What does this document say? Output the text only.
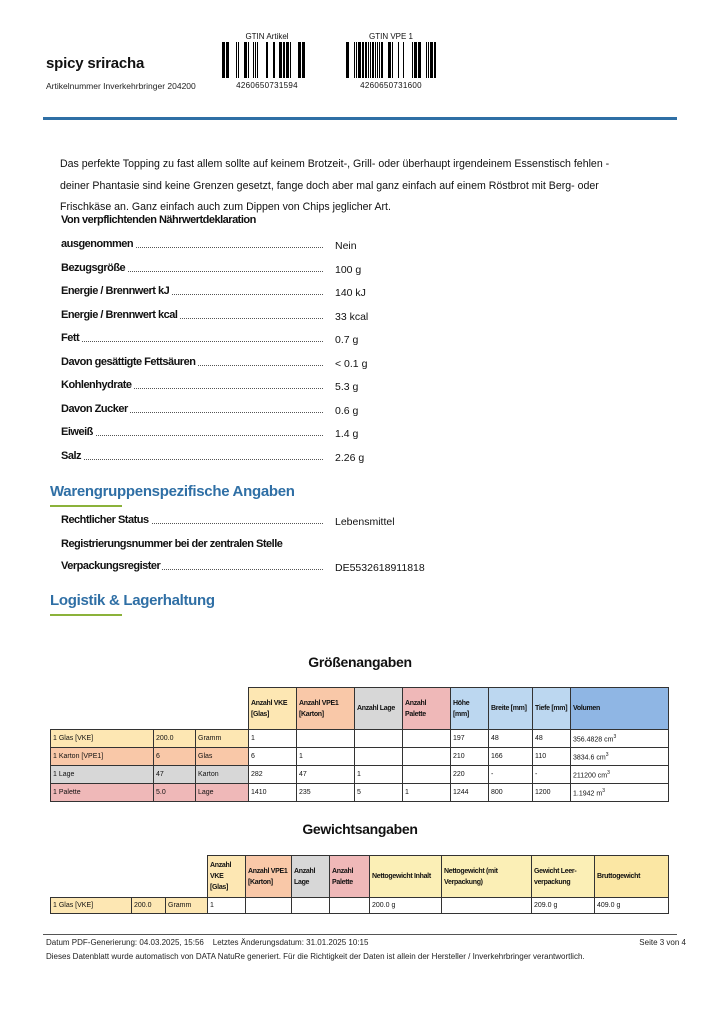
spicy sriracha
Artikelnummer Inverkehrbringer 204200
GTIN Artikel
4260650731594
GTIN VPE 1
4260650731600
Das perfekte Topping zu fast allem sollte auf keinem Brotzeit-, Grill- oder überhaupt irgendeinem Essenstisch fehlen - deiner Phantasie sind keine Grenzen gesetzt, fange doch aber mal ganz einfach auf einem Röstbrot mit Berg- oder Frischkäse an. Ganz einfach auch zum Dippen von Chips jeglicher Art.
Von verpflichtenden Nährwertdeklaration
ausgenommen	Nein
Bezugsgröße	100 g
Energie / Brennwert kJ	140 kJ
Energie / Brennwert kcal	33 kcal
Fett	0.7 g
Davon gesättigte Fettsäuren	< 0.1 g
Kohlenhydrate	5.3 g
Davon Zucker	0.6 g
Eiweiß	1.4 g
Salz	2.26 g
Warengruppenspezifische Angaben
Rechtlicher Status	Lebensmittel
Registrierungsnummer bei der zentralen Stelle
Verpackungsregister	DE5532618911818
Logistik & Lagerhaltung
Größenangaben
			Anzahl VKE [Glas]	Anzahl VPE1 [Karton]	Anzahl Lage	Anzahl Palette	Höhe [mm]	Breite [mm]	Tiefe [mm]	Volumen
1 Glas [VKE]	200.0	Gramm	1				197	48	48	356.4828 $cm^3$
1 Karton [VPE1]	6	Glas	6	1			210	166	110	3834.6 $cm^3$
1 Lage	47	Karton	282	47	1		220	-	-	211200 $cm^3$
1 Palette	5.0	Lage	1410	235	5	1	1244	800	1200	1.1942 $m^3$
Gewichtsangaben
			Anzahl VKE [Glas]	Anzahl VPE1 [Karton]	Anzahl Lage	Anzahl Palette	Nettogewicht Inhalt	Nettogewicht (mit Verpackung)	Gewicht Leer-verpackung	Bruttogewicht
1 Glas [VKE]	200.0	Gramm	1				200.0 g		209.0 g	409.0 g
Datum PDF-Generierung: 04.03.2025, 15:56 Letztes Änderungsdatum: 31.01.2025 10:15	Seite 3 von 4
Dieses Datenblatt wurde automatisch von DATA NatuRe generiert. Für die Richtigkeit der Daten ist allein der Hersteller / Inverkehrbringer verantwortlich.
